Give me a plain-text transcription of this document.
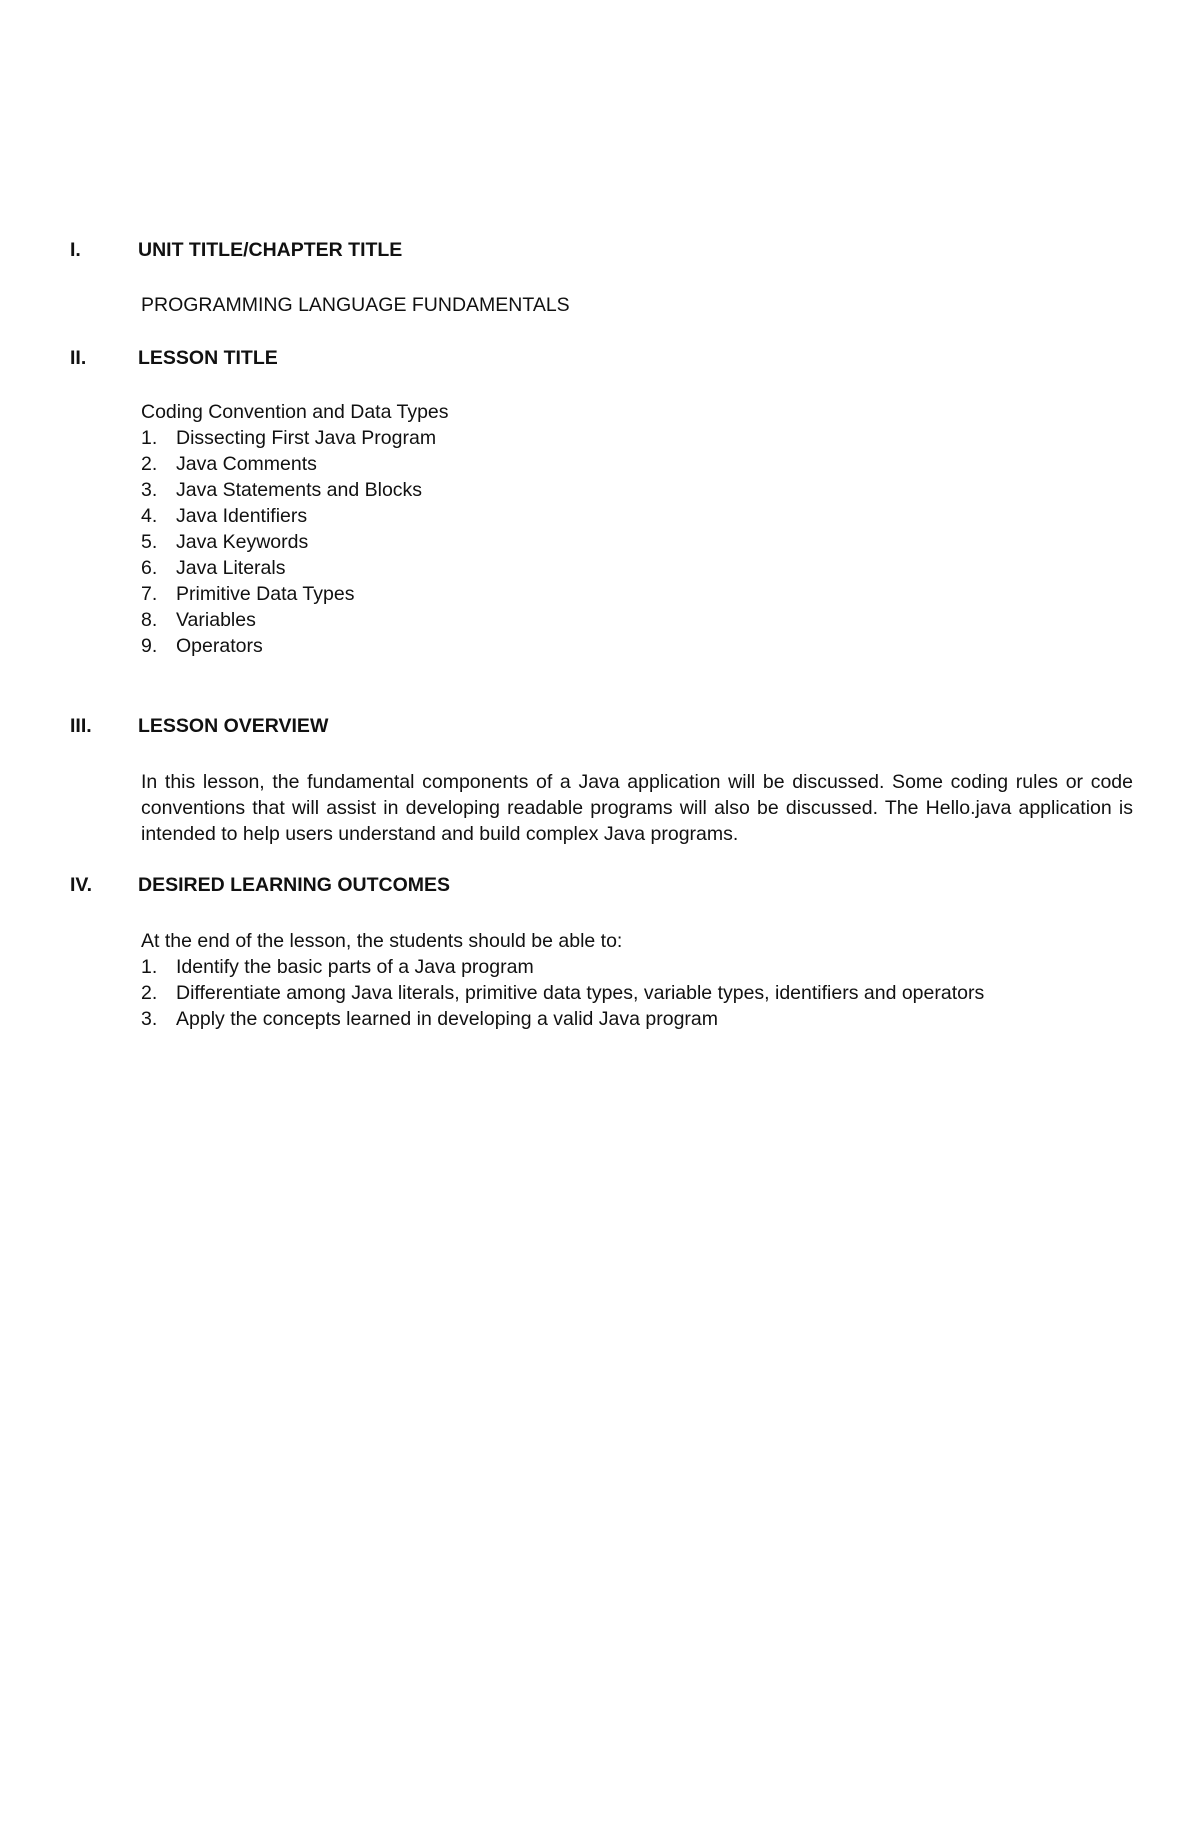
I.	UNIT TITLE/CHAPTER TITLE
PROGRAMMING LANGUAGE FUNDAMENTALS
II.	LESSON TITLE
Coding Convention and Data Types
1. Dissecting First Java Program
2. Java Comments
3. Java Statements and Blocks
4. Java Identifiers
5. Java Keywords
6. Java Literals
7. Primitive Data Types
8. Variables
9. Operators
III. LESSON OVERVIEW

In this lesson, the fundamental components of a Java application will be discussed. Some coding rules or code conventions that will assist in developing readable programs will also be discussed. The Hello.java application is intended to help users understand and build complex Java programs.

IV. DESIRED LEARNING OUTCOMES
At the end of the lesson, the students should be able to:
1. Identify the basic parts of a Java program
2. Differentiate among Java literals, primitive data types, variable types, identifiers and operators
3. Apply the concepts learned in developing a valid Java program
